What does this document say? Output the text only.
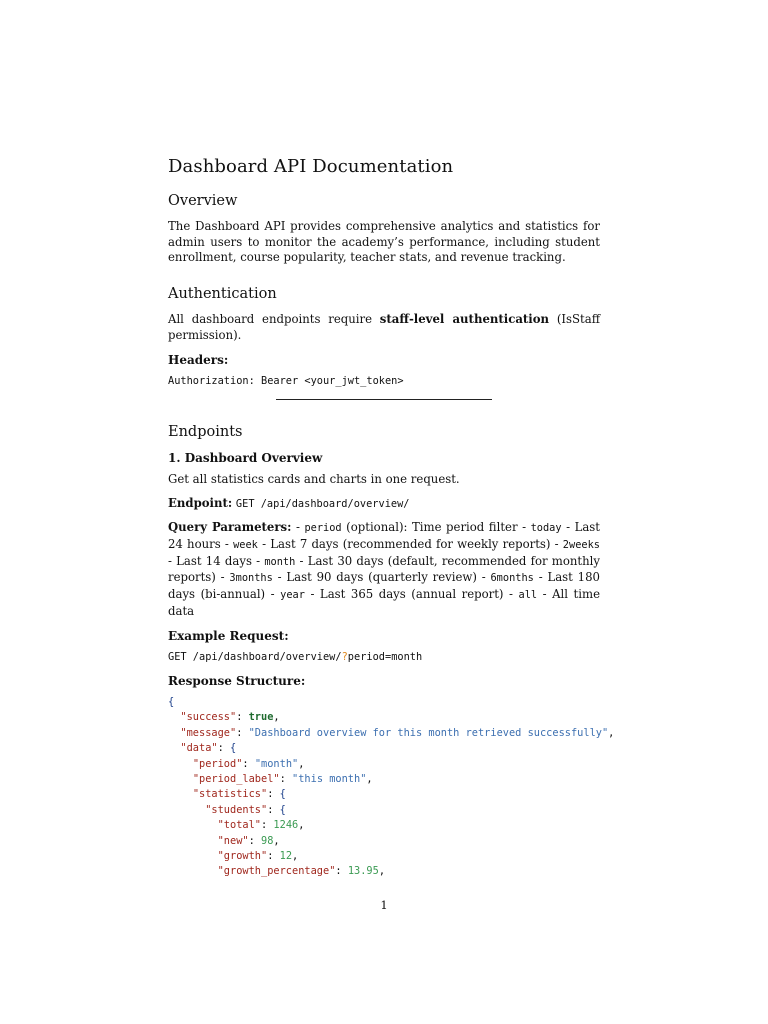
Dashboard API Documentation
Overview

The Dashboard API provides comprehensive analytics and statistics for admin users to monitor the academy’s performance, including student enrollment, course popularity, teacher stats, and revenue tracking.

Authentication

All dashboard endpoints require staff-level authentication (IsStaff permission).

Headers:
Authorization: Bearer <your_jwt_token>
Endpoints
1. Dashboard Overview

Get all statistics cards and charts in one request.

Endpoint: GET /api/dashboard/overview/

Query Parameters: - period (optional): Time period filter - today - Last 24 hours - week - Last 7 days (recommended for weekly reports) - 2weeks - Last 14 days - month - Last 30 days (default, recommended for monthly reports) - 3months - Last 90 days (quarterly review) - 6months - Last 180 days (bi-annual) - year - Last 365 days (annual report) - all - All time data

Example Request:
GET /api/dashboard/overview/?period=month
Response Structure:
{
"success": true,
"message": "Dashboard overview for this month retrieved successfully",
"data": {
"period": "month",
"period_label": "this month",
"statistics": {
"students": {
"total": 1246,
"new": 98,
"growth": 12,
"growth_percentage": 13.95,
1
